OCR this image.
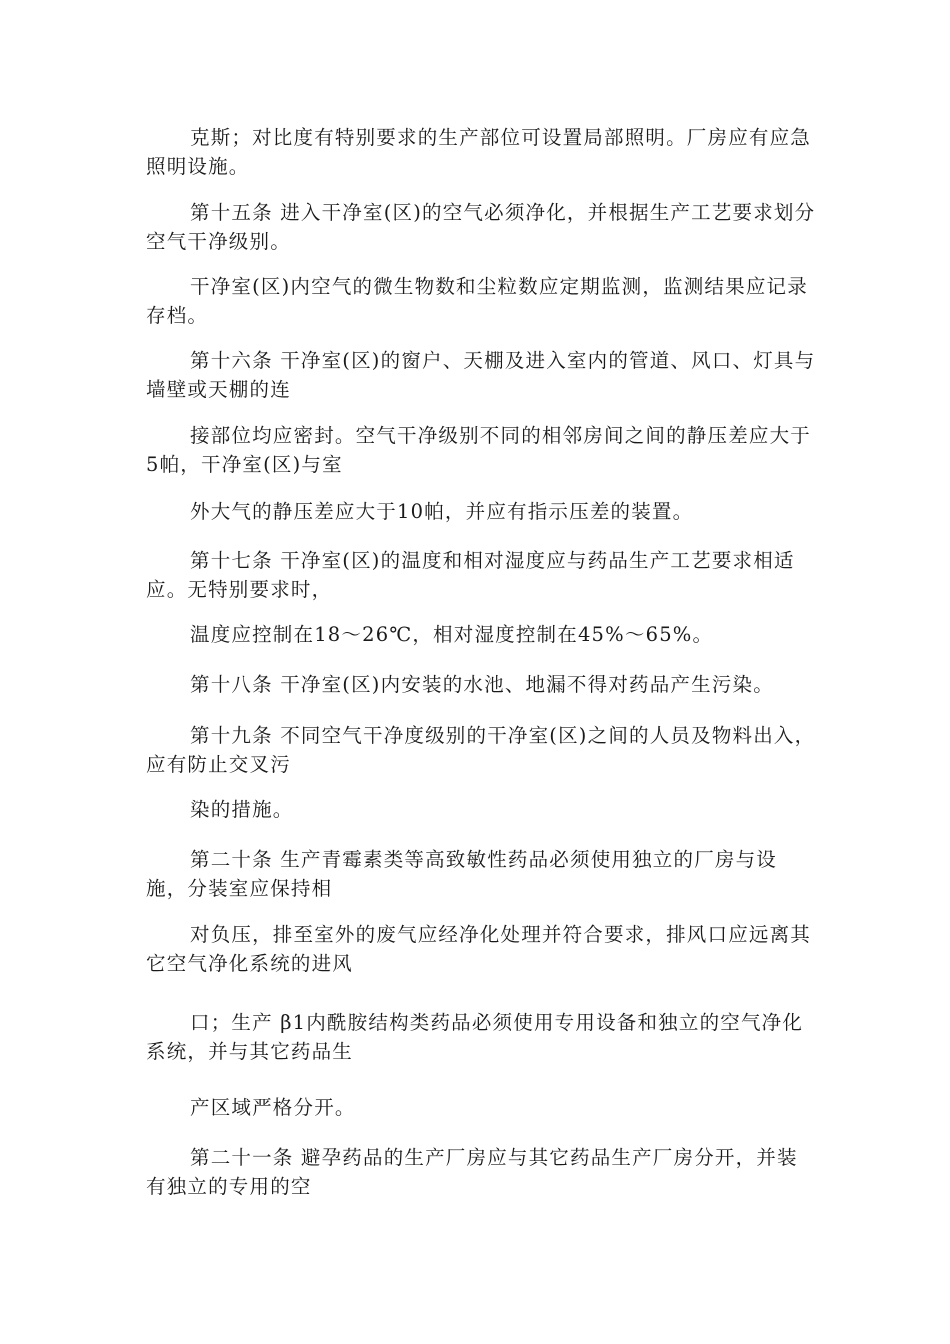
克斯；对比度有特别要求的生产部位可设置局部照明。厂房应有应急照明设施。

第十五条 进入干净室(区)的空气必须净化，并根据生产工艺要求划分空气干净级别。

干净室(区)内空气的微生物数和尘粒数应定期监测，监测结果应记录存档。

第十六条 干净室(区)的窗户、天棚及进入室内的管道、风口、灯具与墙壁或天棚的连

接部位均应密封。空气干净级别不同的相邻房间之间的静压差应大于5帕，干净室(区)与室

外大气的静压差应大于10帕，并应有指示压差的装置。

第十七条 干净室(区)的温度和相对湿度应与药品生产工艺要求相适应。无特别要求时，

温度应控制在18～26℃，相对湿度控制在45%～65%。

第十八条 干净室(区)内安装的水池、地漏不得对药品产生污染。

第十九条 不同空气干净度级别的干净室(区)之间的人员及物料出入，应有防止交叉污

染的措施。

第二十条 生产青霉素类等高致敏性药品必须使用独立的厂房与设施，分装室应保持相

对负压，排至室外的废气应经净化处理并符合要求，排风口应远离其它空气净化系统的进风

口；生产 β1内酰胺结构类药品必须使用专用设备和独立的空气净化系统，并与其它药品生

产区域严格分开。

第二十一条 避孕药品的生产厂房应与其它药品生产厂房分开，并装有独立的专用的空
